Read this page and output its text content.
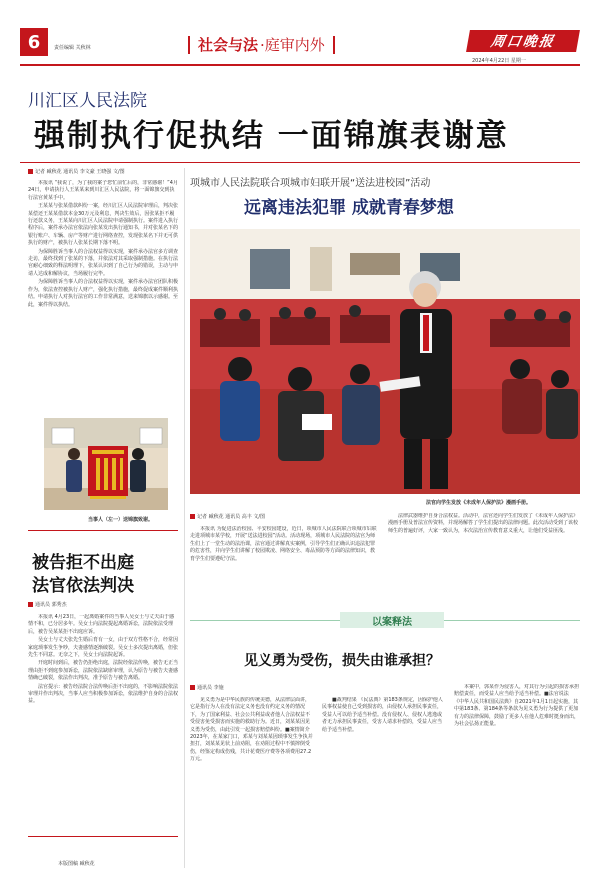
6	责任编辑 关秋林	社会与法 ·庭审内外	周口晚报
2024年4月22日 星期一
川汇区人民法院
强制执行促执结 一面锦旗表谢意
记者 臧秋花 通讯员 李文豪 王晓强 文/图

本报讯 “我说了，为了我的案子您忙前忙后的，非常感谢！”4月24日，申请执行人王某某来到川汇区人民法院，将一面锦旗交到执行法官黄某手中。

王某某与张某借款纠纷一案，经川汇区人民法院审理后，判决张某偿还王某某借款本金30万元及利息，判决生效后，因张某拒不履行还款义务，王某某向川汇区人民法院申请强制执行。案件进入执行程序后，案件承办法官依法向张某发出执行通知书，并对张某名下的银行账户、车辆、房产等财产进行网络查控，发现张某名下并无可供执行的财产，被执行人张某长期下落不明。

为保障胜诉当事人的合法权益得以实现，案件承办法官多方调查走访，最终找到了张某的下落，并依法对其采取强制措施。在执行法官耐心细致的释法明理下，张某认识到了自己行为的错误，主动与申请人达成和解协议，当场履行完毕。

为保障胜诉当事人的合法权益得以实现，案件承办法官团队积极作为，依法查控被执行人财产，强化执行措施，最终促成案件顺利执结。申请执行人对执行法官的工作非常满意，送来锦旗以示感谢。至此，案件得以执结。

当事人（左一）送锦旗致谢。
被告拒不出庭
法官依法判决
通讯员 郭秀杰

本报讯 4月23日，一起离婚案件的当事人吴女士与丈夫由于感情不和，已分居多年。吴女士向法院提起离婚诉讼，法院依法受理后，被告吴某某拒不出庭应诉。

吴女士与丈夫张先生婚后育有一女，由于双方性格不合，经常因家庭琐事发生争吵，夫妻感情逐渐破裂。吴女士多次提出离婚，但张先生不同意。无奈之下，吴女士向法院起诉。

开庭时间到后，被告仍拒绝出庭，法院经依法传唤，被告无正当理由拒不到庭参加诉讼，法院依法缺席审理，认为原告与被告夫妻感情确已破裂，依法作出判决，准予原告与被告离婚。

法官提示：被告经法院合法传唤后拒不出庭的，不影响法院依法审理并作出判决，当事人应当积极参加诉讼，依法维护自身的合法权益。

本版图稿 臧秋花
项城市人民法院联合项城市妇联开展“送法进校园”活动
远离违法犯罪 成就青春梦想
法官向学生发放《未成年人保护法》漫画手册。
记者 臧秋花 通讯员 高丰 文/图

本报讯 为促进法治校园、平安校园建设，近日，项城市人民法院联合项城市妇联走进项城市某学校，开展“送法进校园”活动。活动现场，项城市人民法院的法官为师生们上了一堂生动的法治课，法官通过讲解真实案例，引导学生们正确认识违法犯罪的危害性，并向学生们讲解了校园欺凌、网络安全、毒品预防等方面的法律知识，教育学生们要遵纪守法。

法律武器维护自身合法权益。活动中，法官还向学生们发放了《未成年人保护法》漫画手册及普法宣传资料，并现场解答了学生们提出的法律问题。此次活动受到了该校师生的普遍好评，大家一致认为，本次法治宣传教育意义重大，让他们受益匪浅。

以案释法
见义勇为受伤，损失由谁承担？
通讯员 李施

见义勇为是中华民族的传统美德，从法律层面讲，它是指行为人在没有法定义务也没有约定义务的情况下，为了国家利益、社会公共利益或者他人合法权益不受侵害免受损害而实施的救助行为。近日，刘某某因见义勇为受伤，由此引发一起损害赔偿纠纷。■案情简介 2023年，在某家门口，邓某与刘某某因琐事发生争执并扭打，刘某某见状上前劝阻，在劝阻过程中不慎摔倒受伤，经鉴定构成伤残，共计花费医疗费等各项费用27.2万元。

■裁判结果 《民法典》第183条规定，因保护他人民事权益使自己受到损害的，由侵权人承担民事责任，受益人可以给予适当补偿。没有侵权人、侵权人逃逸或者无力承担民事责任，受害人请求补偿的，受益人应当给予适当补偿。

本案中，郭某作为侵害人，对其行为引起的损害承担赔偿责任，而受益人应当给予适当补偿。■法官说法 《中华人民共和国民法典》自2021年1月1日起实施，其中第183条、第184条等条款为见义勇为行为提供了更加有力的法律保障，鼓励了更多人在他人危难时挺身而出，为社会弘扬正能量。
